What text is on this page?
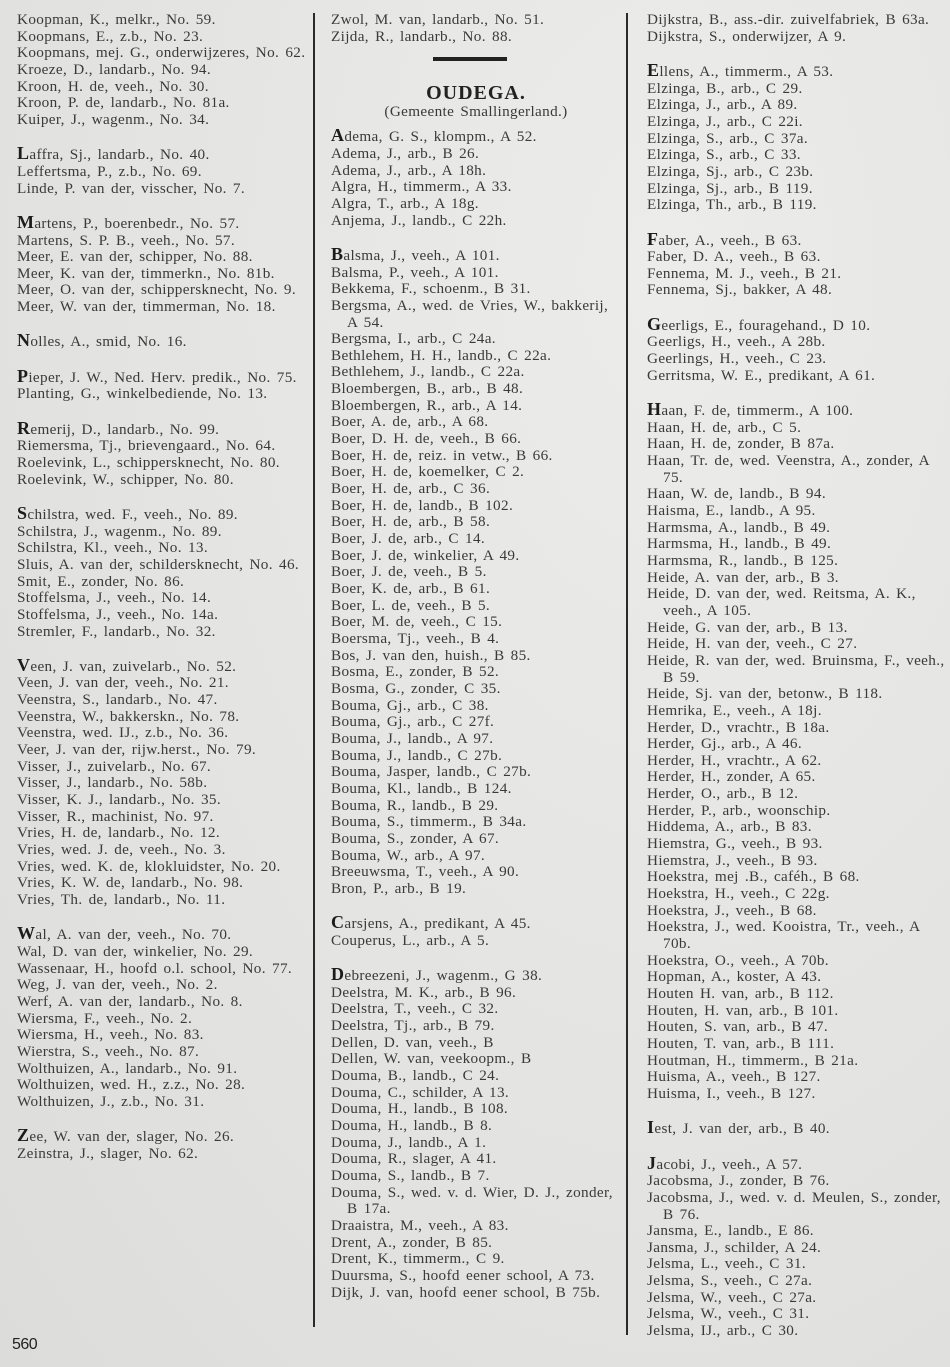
Koopman, K., melkr., No. 59.
Koopmans, E., z.b., No. 23.
Koopmans, mej. G., onderwijzeres, No. 62.
Kroeze, D., landarb., No. 94.
Kroon, H. de, veeh., No. 30.
Kroon, P. de, landarb., No. 81a.
Kuiper, J., wagenm., No. 34.
Laffra, Sj., landarb., No. 40.
Leffertsma, P., z.b., No. 69.
Linde, P. van der, visscher, No. 7.
Martens, P., boerenbedr., No. 57.
Martens, S. P. B., veeh., No. 57.
Meer, E. van der, schipper, No. 88.
Meer, K. van der, timmerkn., No. 81b.
Meer, O. van der, schippersknecht, No. 9.
Meer, W. van der, timmerman, No. 18.
Nolles, A., smid, No. 16.
Pieper, J. W., Ned. Herv. predik., No. 75.
Planting, G., winkelbediende, No. 13.
Remerij, D., landarb., No. 99.
Riemersma, Tj., brievengaard., No. 64.
Roelevink, L., schippersknecht, No. 80.
Roelevink, W., schipper, No. 80.
Schilstra, wed. F., veeh., No. 89.
Schilstra, J., wagenm., No. 89.
Schilstra, Kl., veeh., No. 13.
Sluis, A. van der, schildersknecht, No. 46.
Smit, E., zonder, No. 86.
Stoffelsma, J., veeh., No. 14.
Stoffelsma, J., veeh., No. 14a.
Stremler, F., landarb., No. 32.
Veen, J. van, zuivelarb., No. 52.
Veen, J. van der, veeh., No. 21.
Veenstra, S., landarb., No. 47.
Veenstra, W., bakkerskn., No. 78.
Veenstra, wed. IJ., z.b., No. 36.
Veer, J. van der, rijw.herst., No. 79.
Visser, J., zuivelarb., No. 67.
Visser, J., landarb., No. 58b.
Visser, K. J., landarb., No. 35.
Visser, R., machinist, No. 97.
Vries, H. de, landarb., No. 12.
Vries, wed. J. de, veeh., No. 3.
Vries, wed. K. de, klokluidster, No. 20.
Vries, K. W. de, landarb., No. 98.
Vries, Th. de, landarb., No. 11.
Wal, A. van der, veeh., No. 70.
Wal, D. van der, winkelier, No. 29.
Wassenaar, H., hoofd o.l. school, No. 77.
Weg, J. van der, veeh., No. 2.
Werf, A. van der, landarb., No. 8.
Wiersma, F., veeh., No. 2.
Wiersma, H., veeh., No. 83.
Wierstra, S., veeh., No. 87.
Wolthuizen, A., landarb., No. 91.
Wolthuizen, wed. H., z.z., No. 28.
Wolthuizen, J., z.b., No. 31.
Zee, W. van der, slager, No. 26.
Zeinstra, J., slager, No. 62.
Zwol, M. van, landarb., No. 51.
Zijda, R., landarb., No. 88.
OUDEGA.
(Gemeente Smallingerland.)
Adema, G. S., klompm., A 52.
Adema, J., arb., B 26.
Adema, J., arb., A 18h.
Algra, H., timmerm., A 33.
Algra, T., arb., A 18g.
Anjema, J., landb., C 22h.
Balsma, J., veeh., A 101.
Balsma, P., veeh., A 101.
Bekkema, F., schoenm., B 31.
Bergsma, A., wed. de Vries, W., bakkerij, A 54.
Bergsma, I., arb., C 24a.
Bethlehem, H. H., landb., C 22a.
Bethlehem, J., landb., C 22a.
Bloembergen, B., arb., B 48.
Bloembergen, R., arb., A 14.
Boer, A. de, arb., A 68.
Boer, D. H. de, veeh., B 66.
Boer, H. de, reiz. in vetw., B 66.
Boer, H. de, koemelker, C 2.
Boer, H. de, arb., C 36.
Boer, H. de, landb., B 102.
Boer, H. de, arb., B 58.
Boer, J. de, arb., C 14.
Boer, J. de, winkelier, A 49.
Boer, J. de, veeh., B 5.
Boer, K. de, arb., B 61.
Boer, L. de, veeh., B 5.
Boer, M. de, veeh., C 15.
Boersma, Tj., veeh., B 4.
Bos, J. van den, huish., B 85.
Bosma, E., zonder, B 52.
Bosma, G., zonder, C 35.
Bouma, Gj., arb., C 38.
Bouma, Gj., arb., C 27f.
Bouma, J., landb., A 97.
Bouma, J., landb., C 27b.
Bouma, Jasper, landb., C 27b.
Bouma, Kl., landb., B 124.
Bouma, R., landb., B 29.
Bouma, S., timmerm., B 34a.
Bouma, S., zonder, A 67.
Bouma, W., arb., A 97.
Breeuwsma, T., veeh., A 90.
Bron, P., arb., B 19.
Carsjens, A., predikant, A 45.
Couperus, L., arb., A 5.
Debreezeni, J., wagenm., G 38.
Deelstra, M. K., arb., B 96.
Deelstra, T., veeh., C 32.
Deelstra, Tj., arb., B 79.
Dellen, D. van, veeh., B
Dellen, W. van, veekoopm., B
Douma, B., landb., C 24.
Douma, C., schilder, A 13.
Douma, H., landb., B 108.
Douma, H., landb., B 8.
Douma, J., landb., A 1.
Douma, R., slager, A 41.
Douma, S., landb., B 7.
Douma, S., wed. v. d. Wier, D. J., zonder, B 17a.
Draaistra, M., veeh., A 83.
Drent, A., zonder, B 85.
Drent, K., timmerm., C 9.
Duursma, S., hoofd eener school, A 73.
Dijk, J. van, hoofd eener school, B 75b.
Dijkstra, B., ass.-dir. zuivelfabriek, B 63a.
Dijkstra, S., onderwijzer, A 9.
Ellens, A., timmerm., A 53.
Elzinga, B., arb., C 29.
Elzinga, J., arb., A 89.
Elzinga, J., arb., C 22i.
Elzinga, S., arb., C 37a.
Elzinga, S., arb., C 33.
Elzinga, Sj., arb., C 23b.
Elzinga, Sj., arb., B 119.
Elzinga, Th., arb., B 119.
Faber, A., veeh., B 63.
Faber, D. A., veeh., B 63.
Fennema, M. J., veeh., B 21.
Fennema, Sj., bakker, A 48.
Geerligs, E., fouragehand., D 10.
Geerligs, H., veeh., A 28b.
Geerlings, H., veeh., C 23.
Gerritsma, W. E., predikant, A 61.
Haan, F. de, timmerm., A 100.
Haan, H. de, arb., C 5.
Haan, H. de, zonder, B 87a.
Haan, Tr. de, wed. Veenstra, A., zonder, A 75.
Haan, W. de, landb., B 94.
Haisma, E., landb., A 95.
Harmsma, A., landb., B 49.
Harmsma, H., landb., B 49.
Harmsma, R., landb., B 125.
Heide, A. van der, arb., B 3.
Heide, D. van der, wed. Reitsma, A. K., veeh., A 105.
Heide, G. van der, arb., B 13.
Heide, H. van der, veeh., C 27.
Heide, R. van der, wed. Bruinsma, F., veeh., B 59.
Heide, Sj. van der, betonw., B 118.
Hemrika, E., veeh., A 18j.
Herder, D., vrachtr., B 18a.
Herder, Gj., arb., A 46.
Herder, H., vrachtr., A 62.
Herder, H., zonder, A 65.
Herder, O., arb., B 12.
Herder, P., arb., woonschip.
Hiddema, A., arb., B 83.
Hiemstra, G., veeh., B 93.
Hiemstra, J., veeh., B 93.
Hoekstra, mej .B., caféh., B 68.
Hoekstra, H., veeh., C 22g.
Hoekstra, J., veeh., B 68.
Hoekstra, J., wed. Kooistra, Tr., veeh., A 70b.
Hoekstra, O., veeh., A 70b.
Hopman, A., koster, A 43.
Houten H. van, arb., B 112.
Houten, H. van, arb., B 101.
Houten, S. van, arb., B 47.
Houten, T. van, arb., B 111.
Houtman, H., timmerm., B 21a.
Huisma, A., veeh., B 127.
Huisma, I., veeh., B 127.
Iest, J. van der, arb., B 40.
Jacobi, J., veeh., A 57.
Jacobsma, J., zonder, B 76.
Jacobsma, J., wed. v. d. Meulen, S., zonder, B 76.
Jansma, E., landb., E 86.
Jansma, J., schilder, A 24.
Jelsma, L., veeh., C 31.
Jelsma, S., veeh., C 27a.
Jelsma, W., veeh., C 27a.
Jelsma, W., veeh., C 31.
Jelsma, IJ., arb., C 30.
560
